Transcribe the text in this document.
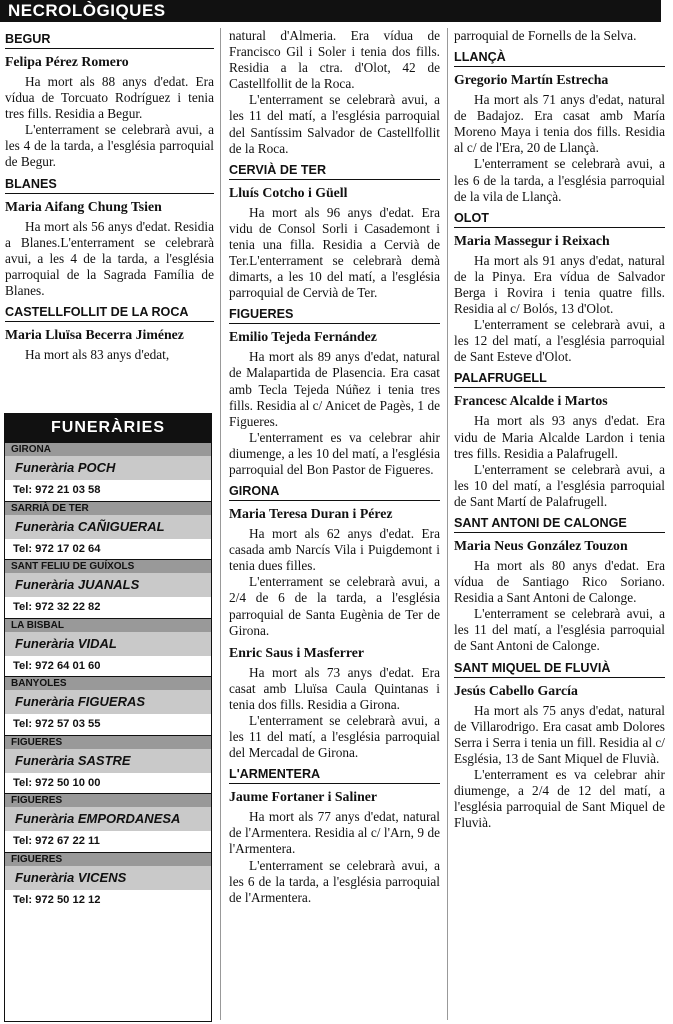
NECROLÒGIQUES
BEGUR
Felipa Pérez Romero

Ha mort als 88 anys d'edat. Era vídua de Torcuato Rodríguez i tenia tres fills. Residia a Begur.

L'enterrament se celebrarà avui, a les 4 de la tarda, a l'església parroquial de Begur.

BLANES
Maria Aifang Chung Tsien

Ha mort als 56 anys d'edat. Residia a Blanes.L'enterrament se celebrarà avui, a les 4 de la tarda, a l'església parroquial de la Sagrada Família de Blanes.

CASTELLFOLLIT DE LA ROCA
Maria Lluïsa Becerra Jiménez

Ha mort als 83 anys d'edat,

natural d'Almeria. Era vídua de Francisco Gil i Soler i tenia dos fills. Residia a la ctra. d'Olot, 42 de Castellfollit de la Roca.

L'enterrament se celebrarà avui, a les 11 del matí, a l'església parroquial del Santíssim Salvador de Castellfollit de la Roca.

CERVIÀ DE TER
Lluís Cotcho i Güell

Ha mort als 96 anys d'edat. Era vidu de Consol Sorli i Casademont i tenia una filla. Residia a Cervià de Ter.L'enterrament se celebrarà demà dimarts, a les 10 del matí, a l'església parroquial de Cervià de Ter.

FIGUERES
Emilio Tejeda Fernández

Ha mort als 89 anys d'edat, natural de Malapartida de Plasencia. Era casat amb Tecla Tejeda Núñez i tenia tres fills. Residia al c/ Anicet de Pagès, 1 de Figueres.

L'enterrament es va celebrar ahir diumenge, a les 10 del matí, a l'església parroquial del Bon Pastor de Figueres.

GIRONA
Maria Teresa Duran i Pérez

Ha mort als 62 anys d'edat. Era casada amb Narcís Vila i Puigdemont i tenia dues filles.

L'enterrament se celebrarà avui, a 2/4 de 6 de la tarda, a l'església parroquial de Santa Eugènia de Ter de Girona.

Enric Saus i Masferrer

Ha mort als 73 anys d'edat. Era casat amb Lluïsa Caula Quintanas i tenia dos fills. Residia a Girona.

L'enterrament se celebrarà avui, a les 11 del matí, a l'església parroquial del Mercadal de Girona.

L'ARMENTERA
Jaume Fortaner i Saliner

Ha mort als 77 anys d'edat, natural de l'Armentera. Residia al c/ l'Arn, 9 de l'Armentera.

L'enterrament se celebrarà avui, a les 6 de la tarda, a l'església parroquial de l'Armentera.

parroquial de Fornells de la Selva.

LLANÇÀ
Gregorio Martín Estrecha

Ha mort als 71 anys d'edat, natural de Badajoz. Era casat amb María Moreno Maya i tenia dos fills. Residia al c/ de l'Era, 20 de Llançà.

L'enterrament se celebrarà avui, a les 6 de la tarda, a l'església parroquial de la vila de Llançà.

OLOT
Maria Massegur i Reixach

Ha mort als 91 anys d'edat, natural de la Pinya. Era vídua de Salvador Berga i Rovira i tenia quatre fills. Residia al c/ Bolós, 13 d'Olot.

L'enterrament se celebrarà avui, a les 12 del matí, a l'església parroquial de Sant Esteve d'Olot.

PALAFRUGELL
Francesc Alcalde i Martos

Ha mort als 93 anys d'edat. Era vidu de Maria Alcalde Lardon i tenia tres fills. Residia a Palafrugell.

L'enterrament se celebrarà avui, a les 10 del matí, a l'església parroquial de Sant Martí de Palafrugell.

SANT ANTONI DE CALONGE
Maria Neus González Touzon

Ha mort als 80 anys d'edat. Era vídua de Santiago Rico Soriano. Residia a Sant Antoni de Calonge.

L'enterrament se celebrarà avui, a les 11 del matí, a l'església parroquial de Sant Antoni de Calonge.

SANT MIQUEL DE FLUVIÀ
Jesús Cabello García

Ha mort als 75 anys d'edat, natural de Villarodrigo. Era casat amb Dolores Serra i Serra i tenia un fill. Residia al c/ Església, 13 de Sant Miquel de Fluvià.

L'enterrament es va celebrar ahir diumenge, a 2/4 de 12 del matí, a l'església parroquial de Sant Miquel de Fluvià.

FUNERÀRIES
GIRONA
Funerària POCH
Tel: 972 21 03 58
SARRIÀ DE TER
Funerària CAÑIGUERAL
Tel: 972 17 02 64
SANT FELIU DE GUÍXOLS
Funerària JUANALS
Tel: 972 32 22 82
LA BISBAL
Funerària VIDAL
Tel: 972 64 01 60
BANYOLES
Funerària FIGUERAS
Tel: 972 57 03 55
FIGUERES
Funerària SASTRE
Tel: 972 50 10 00
FIGUERES
Funerària EMPORDANESA
Tel: 972 67 22 11
FIGUERES
Funerària VICENS
Tel: 972 50 12 12
